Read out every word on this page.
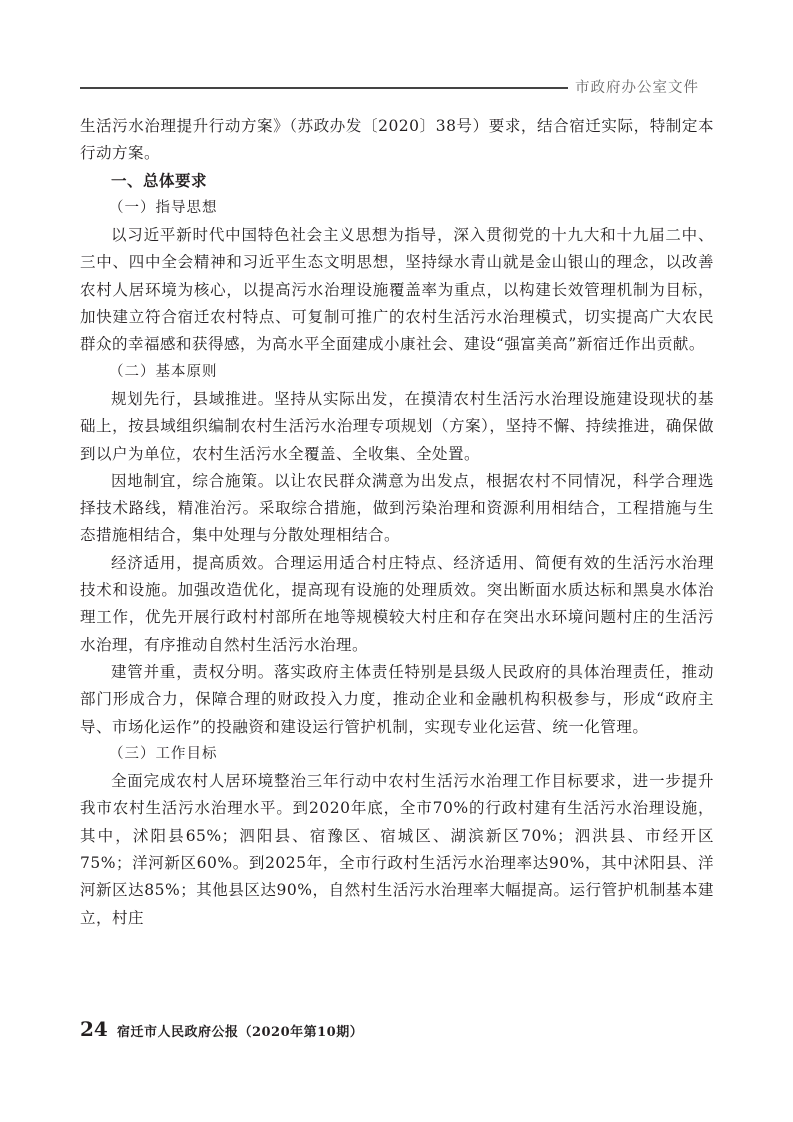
市政府办公室文件

生活污水治理提升行动方案》（苏政办发〔2020〕38号）要求，结合宿迁实际，特制定本行动方案。

一、总体要求
（一）指导思想

以习近平新时代中国特色社会主义思想为指导，深入贯彻党的十九大和十九届二中、三中、四中全会精神和习近平生态文明思想，坚持绿水青山就是金山银山的理念，以改善农村人居环境为核心，以提高污水治理设施覆盖率为重点，以构建长效管理机制为目标，加快建立符合宿迁农村特点、可复制可推广的农村生活污水治理模式，切实提高广大农民群众的幸福感和获得感，为高水平全面建成小康社会、建设“强富美高”新宿迁作出贡献。

（二）基本原则

规划先行，县域推进。坚持从实际出发，在摸清农村生活污水治理设施建设现状的基础上，按县域组织编制农村生活污水治理专项规划（方案），坚持不懈、持续推进，确保做到以户为单位，农村生活污水全覆盖、全收集、全处置。

因地制宜，综合施策。以让农民群众满意为出发点，根据农村不同情况，科学合理选择技术路线，精准治污。采取综合措施，做到污染治理和资源利用相结合，工程措施与生态措施相结合，集中处理与分散处理相结合。

经济适用，提高质效。合理运用适合村庄特点、经济适用、简便有效的生活污水治理技术和设施。加强改造优化，提高现有设施的处理质效。突出断面水质达标和黑臭水体治理工作，优先开展行政村村部所在地等规模较大村庄和存在突出水环境问题村庄的生活污水治理，有序推动自然村生活污水治理。

建管并重，责权分明。落实政府主体责任特别是县级人民政府的具体治理责任，推动部门形成合力，保障合理的财政投入力度，推动企业和金融机构积极参与，形成“政府主导、市场化运作”的投融资和建设运行管护机制，实现专业化运营、统一化管理。

（三）工作目标

全面完成农村人居环境整治三年行动中农村生活污水治理工作目标要求，进一步提升我市农村生活污水治理水平。到2020年底，全市70%的行政村建有生活污水治理设施，其中，沭阳县65%；泗阳县、宿豫区、宿城区、湖滨新区70%；泗洪县、市经开区75%；洋河新区60%。到2025年，全市行政村生活污水治理率达90%，其中沭阳县、洋河新区达85%；其他县区达90%，自然村生活污水治理率大幅提高。运行管护机制基本建立，村庄

24 宿迁市人民政府公报（2020年第10期）
